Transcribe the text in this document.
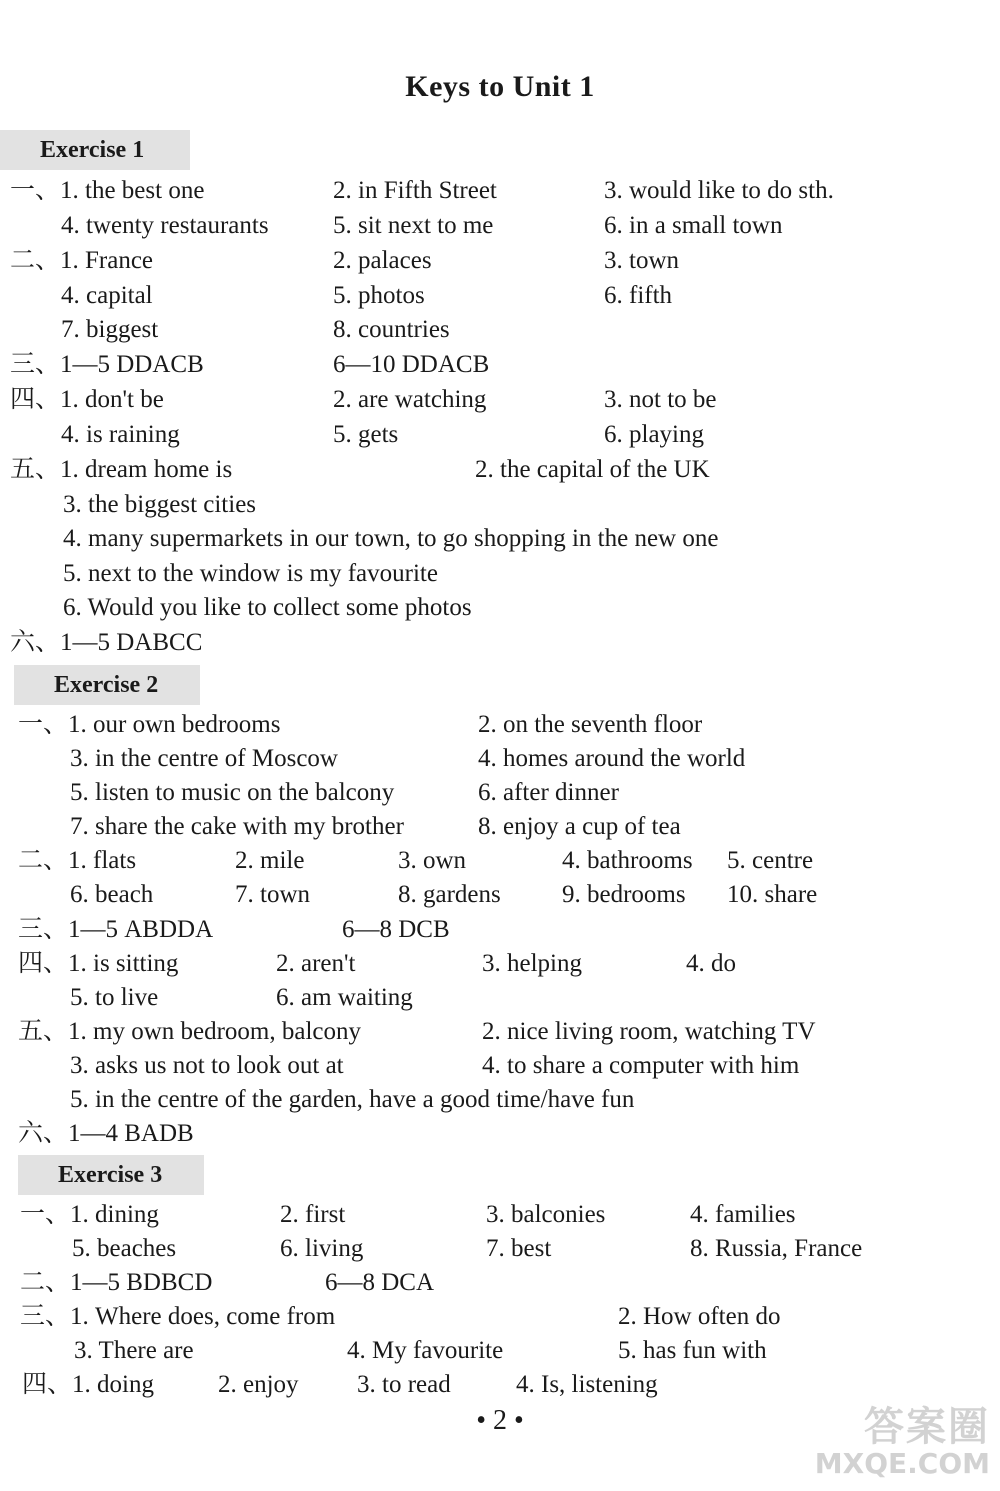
Keys to Unit 1
Exercise 1
一、1. the best one	2. in Fifth Street	3. would like to do sth.
4. twenty restaurants	5. sit next to me	6. in a small town
二、1. France	2. palaces	3. town
4. capital	5. photos	6. fifth
7. biggest	8. countries
三、1—5 DDACB	6—10 DDACB
四、1. don't be	2. are watching	3. not to be
4. is raining	5. gets	6. playing
五、1. dream home is	2. the capital of the UK
3. the biggest cities
4. many supermarkets in our town, to go shopping in the new one
5. next to the window is my favourite
6. Would you like to collect some photos
六、1—5 DABCC
Exercise 2
一、1. our own bedrooms	2. on the seventh floor
3. in the centre of Moscow	4. homes around the world
5. listen to music on the balcony	6. after dinner
7. share the cake with my brother	8. enjoy a cup of tea
二、1. flats	2. mile	3. own	4. bathrooms 5. centre
6. beach	7. town	8. gardens 9. bedrooms 10. share
三、1—5 ABDDA	6—8 DCB
四、1. is sitting	2. aren't	3. helping	4. do
5. to live	6. am waiting
五、1. my own bedroom, balcony	2. nice living room, watching TV
3. asks us not to look out at	4. to share a computer with him
5. in the centre of the garden, have a good time/have fun
六、1—4 BADB
Exercise 3
一、1. dining	2. first	3. balconies	4. families
5. beaches	6. living	7. best	8. Russia, France
二、1—5 BDBCD	6—8 DCA
三、1. Where does, come from	2. How often do
3. There are	4. My favourite	5. has fun with
四、1. doing	2. enjoy 3. to read	4. Is, listening
• 2 •	答案圈
MXQE.COM
